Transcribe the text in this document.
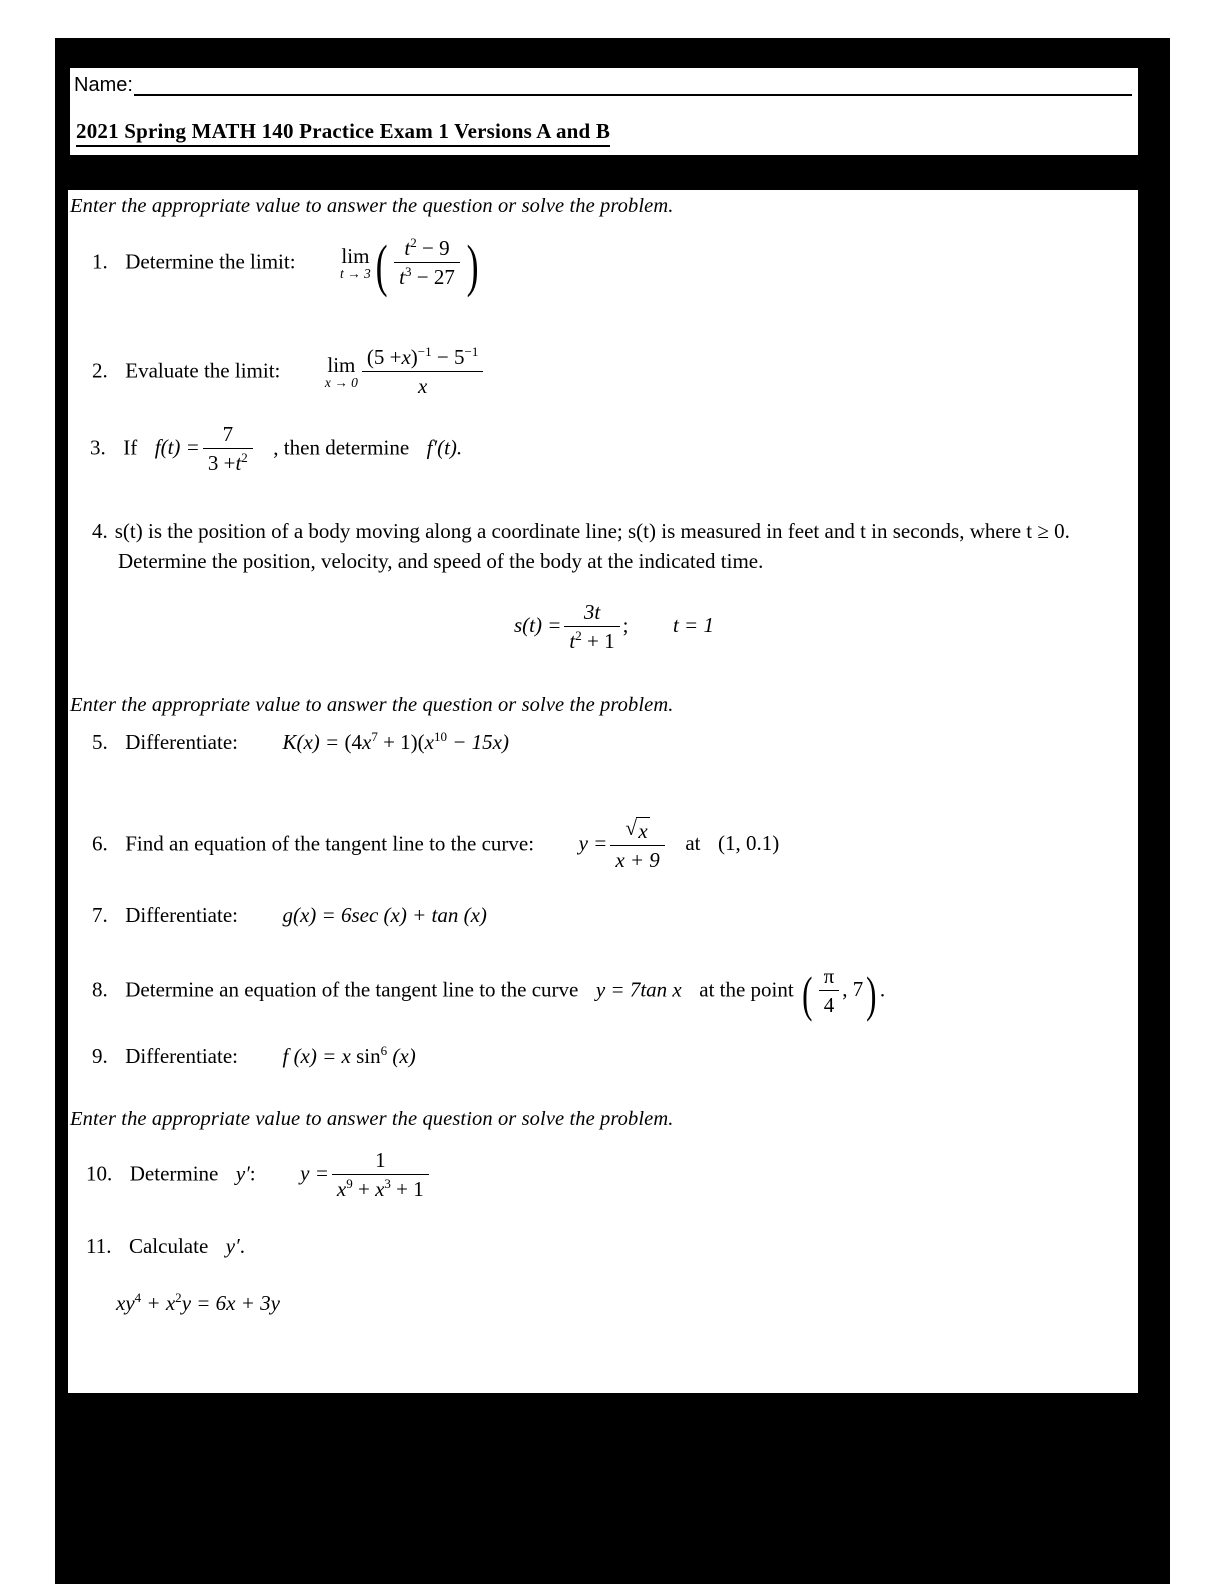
Name:
2021 Spring MATH 140 Practice Exam 1 Versions A and B
Enter the appropriate value to answer the question or solve the problem.
1. Determine the limit: lim
t → 3 ( $\frac{t^2 - 9}{t^3 - 27}$ )
2. Evaluate the limit: lim
$x \to 0 \frac{(5 +x)^{-1} - 5^{-1}}{x}$
3. If $f(t) = \frac{7}{3 +t^2}$ , then determine f′(t).
4. s(t) is the position of a body moving along a coordinate line; s(t) is measured in feet and t in seconds, where t ≥ 0.
Determine the position, velocity, and speed of the body at the indicated time.
$s(t) = \frac{3t}{t^2 + 1}$ ; t = 1
Enter the appropriate value to answer the question or solve the problem.
5. Differentiate: $K(x) = (4x^7 + 1)(x^{10} - 15x)$
6. Find an equation of the tangent line to the curve: y = √ $\frac{x}{x + 9}$ at (1, 0.1)
7. Differentiate: g(x) = 6sec (x) + tan (x)
8. Determine an equation of the tangent line to the curve y = 7tan x at the point ( $\frac{\pi}{4}$ , 7) .
9. Differentiate: f (x) = x $\sin^6 (x)$
Enter the appropriate value to answer the question or solve the problem.
10. Determine y′: $y = \frac{1}{x^9 + x^3 + 1}$
11. Calculate y′.
$xy^4 + x^2y = 6x + 3y$
